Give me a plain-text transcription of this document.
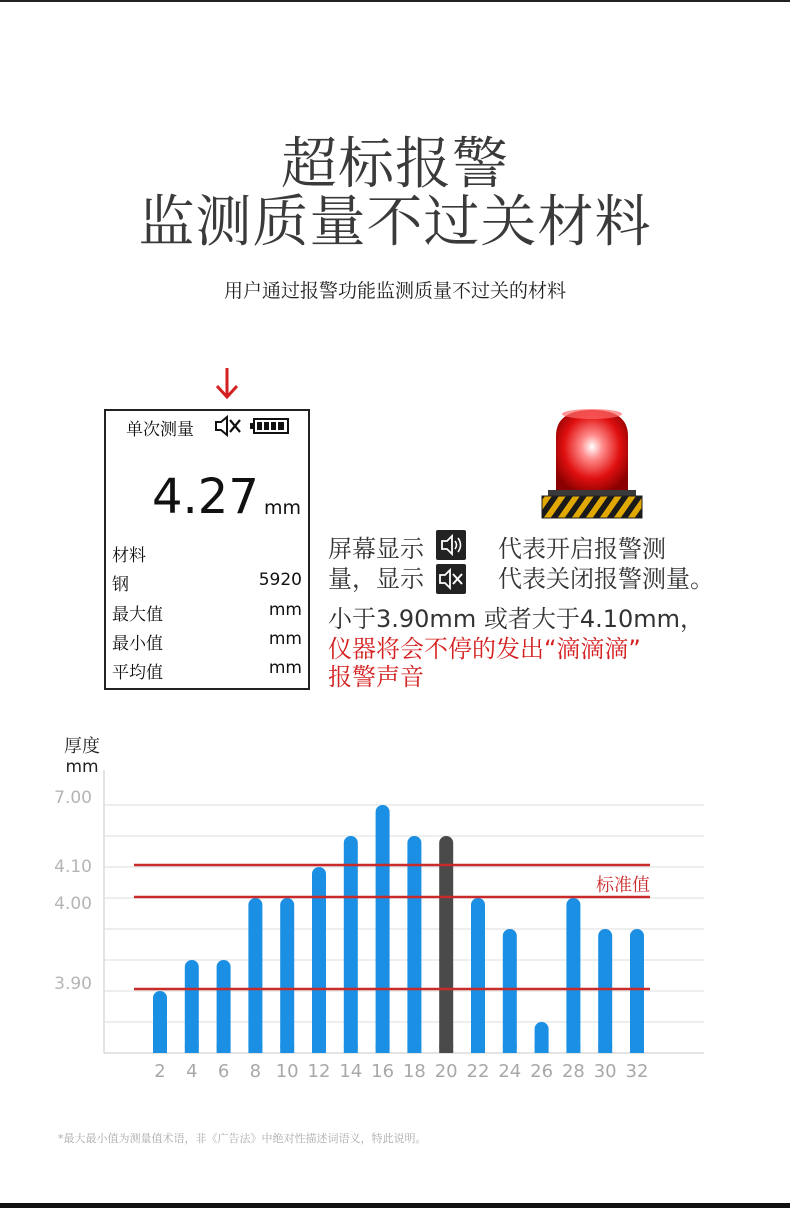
超标报警
监测质量不过关材料
用户通过报警功能监测质量不过关的材料
单次测量
4.27 mm
材料
钢	5920
最大值	mm
最小值	mm
平均值	mm
屏幕显示	代表开启报警测
量，显示	代表关闭报警测量。
小于3.90mm 或者大于4.10mm，
仪器将会不停的发出“滴滴滴”
报警声音
厚度
mm
7.00
4.10
4.00
3.90
2 4 6 8 10 12 14 16 18 20 22 24 26 28 30 32
标准值
*最大最小值为测量值术语，非《广告法》中绝对性描述词语义，特此说明。
